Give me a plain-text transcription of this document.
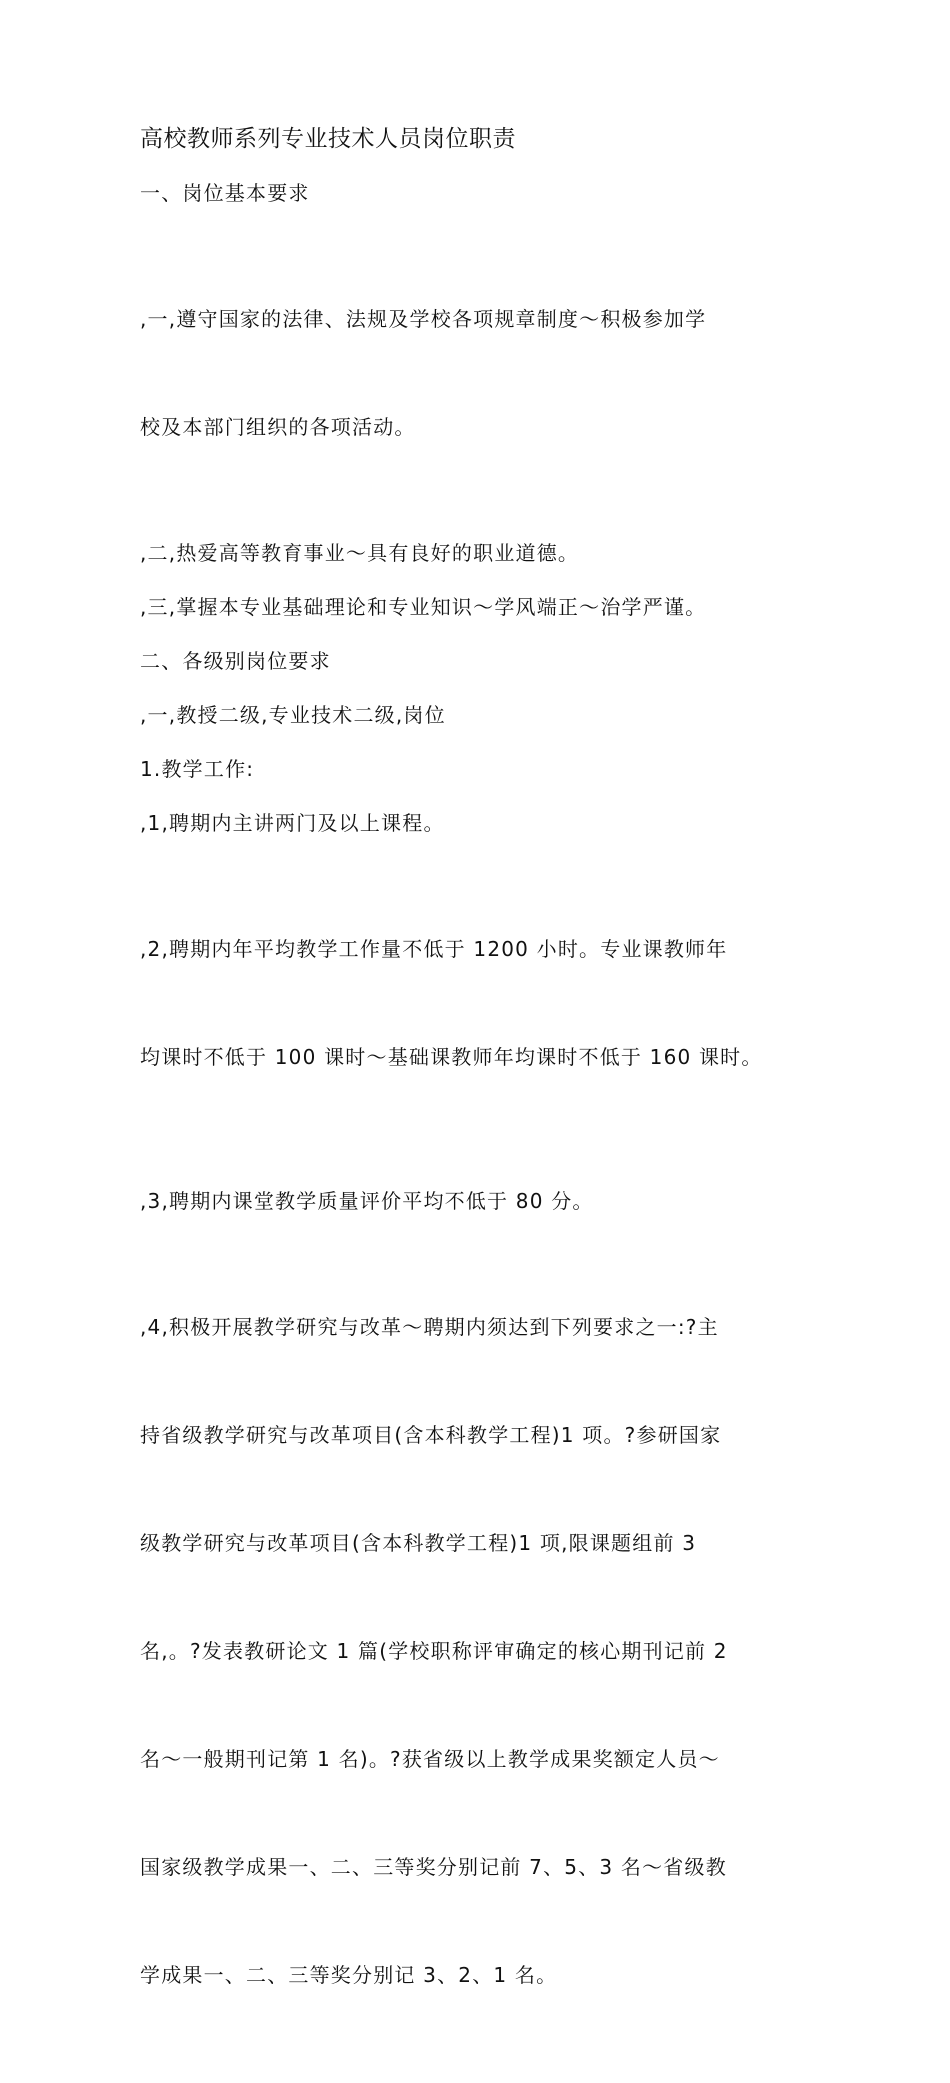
高校教师系列专业技术人员岗位职责
一、岗位基本要求

,一,遵守国家的法律、法规及学校各项规章制度～积极参加学

校及本部门组织的各项活动。

,二,热爱高等教育事业～具有良好的职业道德。
,三,掌握本专业基础理论和专业知识～学风端正～治学严谨。
二、各级别岗位要求
,一,教授二级,专业技术二级,岗位
1.教学工作:
,1,聘期内主讲两门及以上课程。

,2,聘期内年平均教学工作量不低于 1200 小时。专业课教师年

均课时不低于 100 课时～基础课教师年均课时不低于 160 课时。

,3,聘期内课堂教学质量评价平均不低于 80 分。

,4,积极开展教学研究与改革～聘期内须达到下列要求之一:?主

持省级教学研究与改革项目(含本科教学工程)1 项。?参研国家

级教学研究与改革项目(含本科教学工程)1 项,限课题组前 3

名,。?发表教研论文 1 篇(学校职称评审确定的核心期刊记前 2

名～一般期刊记第 1 名)。?获省级以上教学成果奖额定人员～

国家级教学成果一、二、三等奖分别记前 7、5、3 名～省级教

学成果一、二、三等奖分别记 3、2、1 名。
